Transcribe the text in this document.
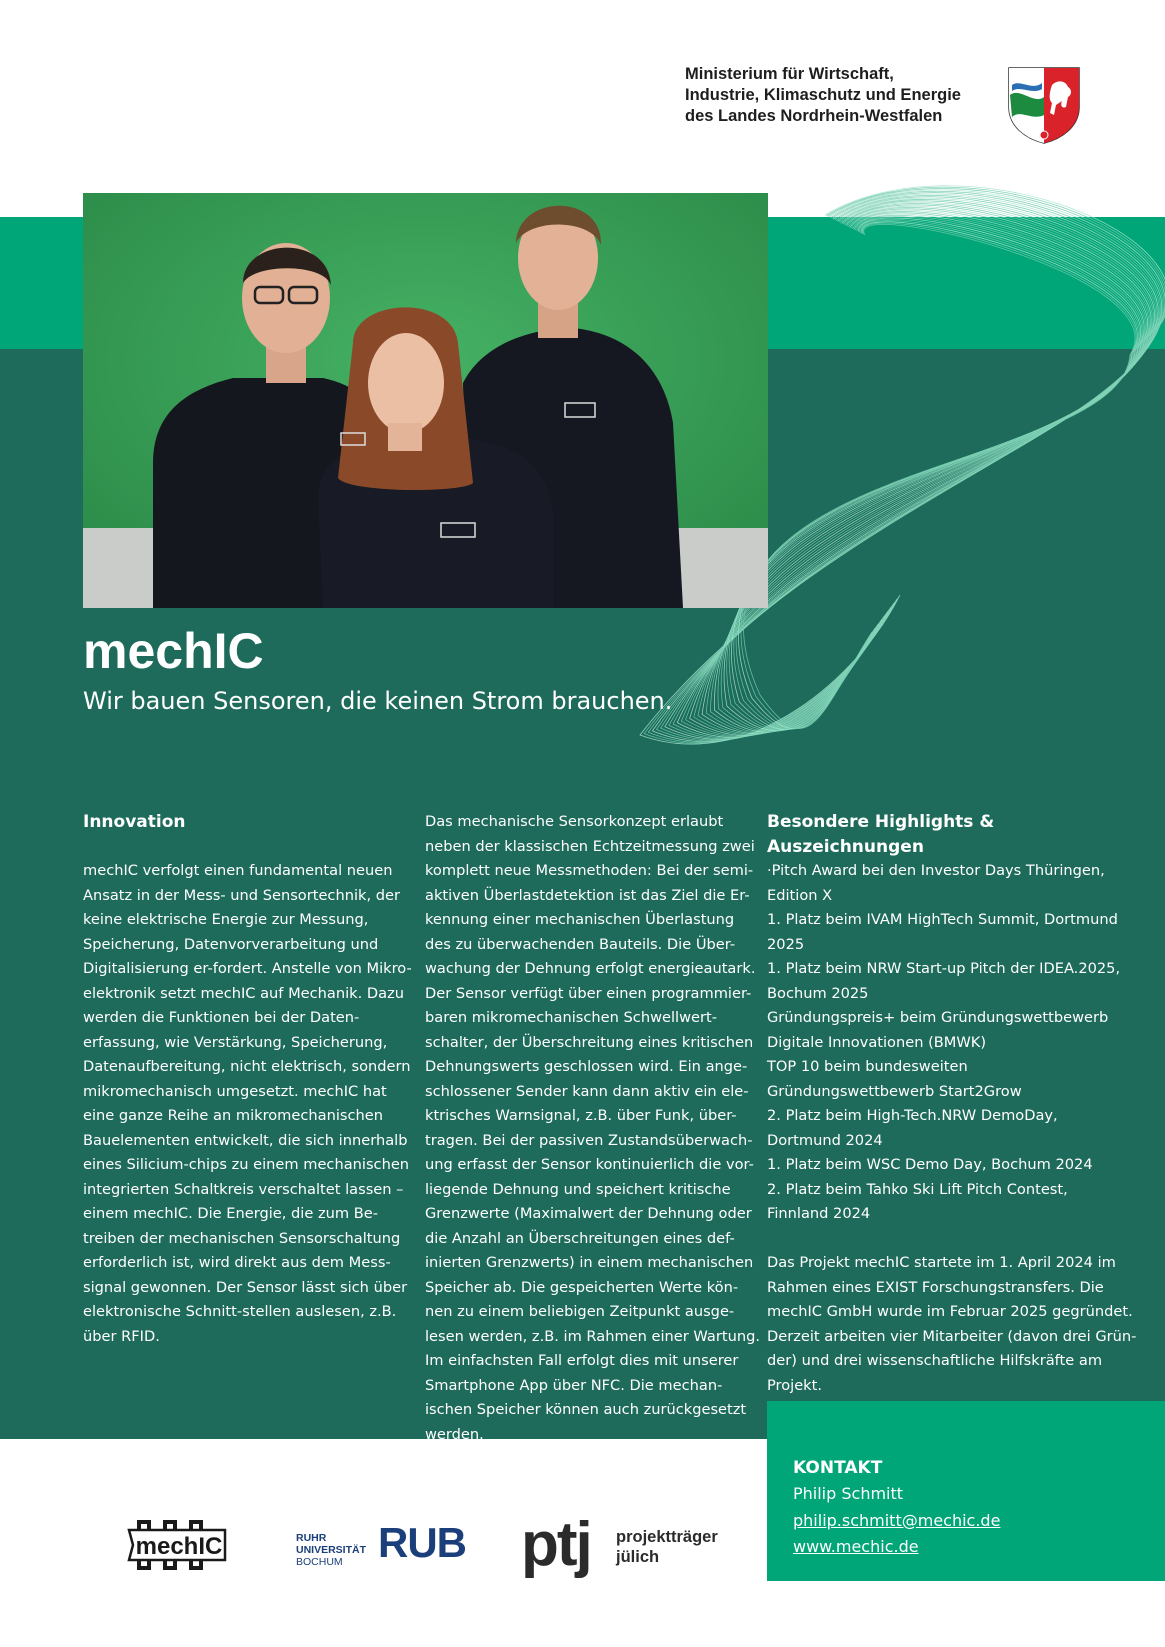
Ministerium für Wirtschaft,
Industrie, Klimaschutz und Energie
des Landes Nordrhein-Westfalen
mechIC
Wir bauen Sensoren, die keinen Strom brauchen.
Innovation
mechIC verfolgt einen fundamental neuen
Ansatz in der Mess- und Sensortechnik, der
keine elektrische Energie zur Messung,
Speicherung, Datenvorverarbeitung und
Digitalisierung er-fordert. Anstelle von Mikro-
elektronik setzt mechIC auf Mechanik. Dazu
werden die Funktionen bei der Daten-
erfassung, wie Verstärkung, Speicherung,
Datenaufbereitung, nicht elektrisch, sondern
mikromechanisch umgesetzt. mechIC hat
eine ganze Reihe an mikromechanischen
Bauelementen entwickelt, die sich innerhalb
eines Silicium-chips zu einem mechanischen
integrierten Schaltkreis verschaltet lassen –
einem mechIC. Die Energie, die zum Be-
treiben der mechanischen Sensorschaltung
erforderlich ist, wird direkt aus dem Mess-
signal gewonnen. Der Sensor lässt sich über
elektronische Schnitt-stellen auslesen, z.B.
über RFID.
Das mechanische Sensorkonzept erlaubt
neben der klassischen Echtzeitmessung zwei
komplett neue Messmethoden: Bei der semi-
aktiven Überlastdetektion ist das Ziel die Er-
kennung einer mechanischen Überlastung
des zu überwachenden Bauteils. Die Über-
wachung der Dehnung erfolgt energieautark.
Der Sensor verfügt über einen programmier-
baren mikromechanischen Schwellwert-
schalter, der Überschreitung eines kritischen
Dehnungswerts geschlossen wird. Ein ange-
schlossener Sender kann dann aktiv ein ele-
ktrisches Warnsignal, z.B. über Funk, über-
tragen. Bei der passiven Zustandsüberwach-
ung erfasst der Sensor kontinuierlich die vor-
liegende Dehnung und speichert kritische
Grenzwerte (Maximalwert der Dehnung oder
die Anzahl an Überschreitungen eines def-
inierten Grenzwerts) in einem mechanischen
Speicher ab. Die gespeicherten Werte kön-
nen zu einem beliebigen Zeitpunkt ausge-
lesen werden, z.B. im Rahmen einer Wartung.
Im einfachsten Fall erfolgt dies mit unserer
Smartphone App über NFC. Die mechan-
ischen Speicher können auch zurückgesetzt
werden.
Besondere Highlights &
Auszeichnungen
·Pitch Award bei den Investor Days Thüringen,
Edition X
1. Platz beim IVAM HighTech Summit, Dortmund
2025
1. Platz beim NRW Start-up Pitch der IDEA.2025,
Bochum 2025
Gründungspreis+ beim Gründungswettbewerb
Digitale Innovationen (BMWK)
TOP 10 beim bundesweiten
Gründungswettbewerb Start2Grow
2. Platz beim High-Tech.NRW DemoDay,
Dortmund 2024
1. Platz beim WSC Demo Day, Bochum 2024
2. Platz beim Tahko Ski Lift Pitch Contest,
Finnland 2024
Das Projekt mechIC startete im 1. April 2024 im
Rahmen eines EXIST Forschungstransfers. Die
mechIC GmbH wurde im Februar 2025 gegründet.
Derzeit arbeiten vier Mitarbeiter (davon drei Grün-
der) und drei wissenschaftliche Hilfskräfte am
Projekt.
KONTAKT
Philip Schmitt
philip.schmitt@mechic.de
www.mechic.de
mechIC	RUHR
UNIVERSITÄT
BOCHUM RUB ptj projektträger
jülich
